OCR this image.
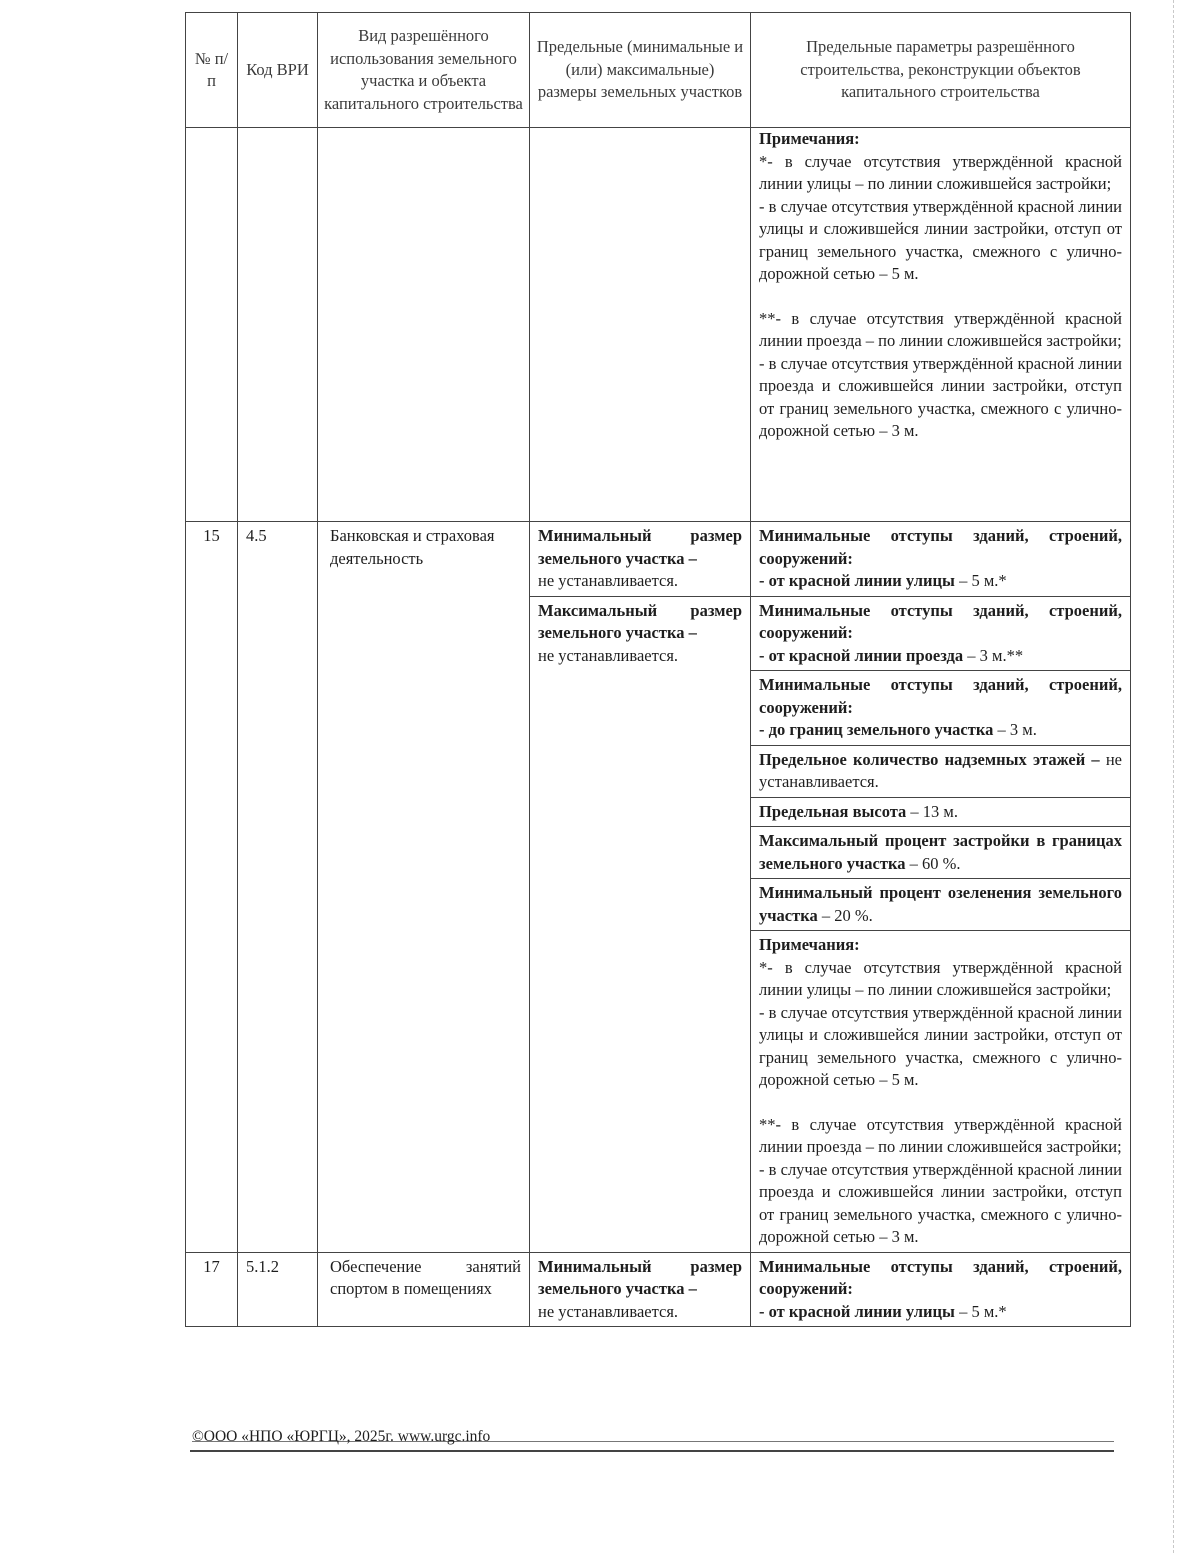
№ п/п	Код ВРИ	Вид разрешённого использования земельного участка и объекта капитального строительства	Предельные (минимальные и (или) максимальные) размеры земельных участков	Предельные параметры разрешённого строительства, реконструкции объектов капитального строительства

				Примечания:
*- в случае отсутствия утверждённой красной линии улицы – по линии сложившейся застройки;
- в случае отсутствия утверждённой красной линии улицы и сложившейся линии застройки, отступ от границ земельного участка, смежного с улично-дорожной сетью – 5 м.
**- в случае отсутствия утверждённой красной линии проезда – по линии сложившейся застройки;
- в случае отсутствия утверждённой красной линии проезда и сложившейся линии застройки, отступ от границ земельного участка, смежного с улично-дорожной сетью – 3 м.

15	4.5	Банковская и страховая деятельность	Минимальный размер земельного участка –
не устанавливается.	Минимальные отступы зданий, строений, сооружений:
- от красной линии улицы – 5 м.*
			Максимальный размер земельного участка –
не устанавливается.	Минимальные отступы зданий, строений, сооружений:
- от красной линии проезда – 3 м.**
				Минимальные отступы зданий, строений, сооружений:
- до границ земельного участка – 3 м.
				Предельное количество надземных этажей – не устанавливается.
				Предельная высота – 13 м.
				Максимальный процент застройки в границах земельного участка – 60 %.
				Минимальный процент озеленения земельного участка – 20 %.

				Примечания:
*- в случае отсутствия утверждённой красной линии улицы – по линии сложившейся застройки;
- в случае отсутствия утверждённой красной линии улицы и сложившейся линии застройки, отступ от границ земельного участка, смежного с улично-дорожной сетью – 5 м.
**- в случае отсутствия утверждённой красной линии проезда – по линии сложившейся застройки;
- в случае отсутствия утверждённой красной линии проезда и сложившейся линии застройки, отступ от границ земельного участка, смежного с улично-дорожной сетью – 3 м.

17	5.1.2	Обеспечение занятий спортом в помещениях	Минимальный размер земельного участка –
не устанавливается.	Минимальные отступы зданий, строений, сооружений:
- от красной линии улицы – 5 м.*
©ООО «НПО «ЮРГЦ», 2025г. www.urgc.info
